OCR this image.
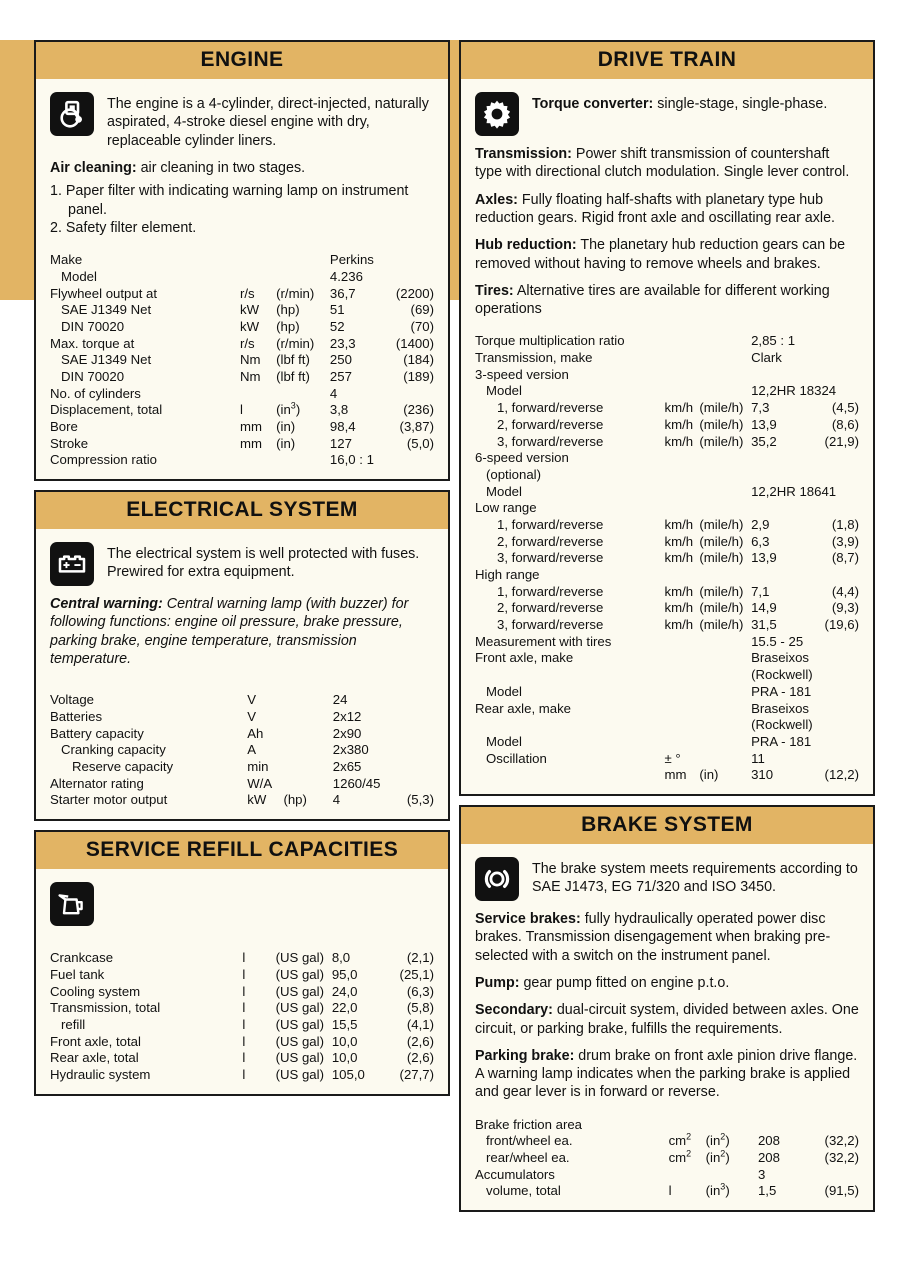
ENGINE
The engine is a 4-cylinder, direct-injected, naturally aspirated, 4-stroke diesel engine with dry, replaceable cylinder liners.

Air cleaning: air cleaning in two stages.

1. Paper filter with indicating warning lamp on instrument panel.
2. Safety filter element.
Make			Perkins	
Model			4.236	
Flywheel output at	r/s	(r/min)	36,7	(2200)
SAE J1349 Net	kW	(hp)	51	(69)
DIN 70020	kW	(hp)	52	(70)
Max. torque at	r/s	(r/min)	23,3	(1400)
SAE J1349 Net	Nm	(lbf ft)	250	(184)
DIN 70020	Nm	(lbf ft)	257	(189)
No. of cylinders			4	
Displacement, total	l	$(in^3)$	3,8	(236)
Bore	mm	(in)	98,4	(3,87)
Stroke	mm	(in)	127	(5,0)
Compression ratio			16,0 : 1	
ELECTRICAL SYSTEM
The electrical system is well protected with fuses. Prewired for extra equipment.

Central warning: Central warning lamp (with buzzer) for following functions: engine oil pressure, brake pressure, parking brake, engine temperature, transmission temperature.

Voltage	V		24	
Batteries	V		2x12	
Battery capacity	Ah		2x90	
Cranking capacity	A		2x380	
Reserve capacity	min		2x65	
Alternator rating	W/A		1260/45	
Starter motor output	kW	(hp)	4	(5,3)
SERVICE REFILL CAPACITIES
Crankcase	l	(US gal)	8,0	(2,1)
Fuel tank	l	(US gal)	95,0	(25,1)
Cooling system	l	(US gal)	24,0	(6,3)
Transmission, total	l	(US gal)	22,0	(5,8)
refill	l	(US gal)	15,5	(4,1)
Front axle, total	l	(US gal)	10,0	(2,6)
Rear axle, total	l	(US gal)	10,0	(2,6)
Hydraulic system	l	(US gal)	105,0	(27,7)
DRIVE TRAIN
Torque converter: single-stage, single-phase.

Transmission: Power shift transmission of countershaft type with directional clutch modulation. Single lever control.

Axles: Fully floating half-shafts with planetary type hub reduction gears. Rigid front axle and oscillating rear axle.

Hub reduction: The planetary hub reduction gears can be removed without having to remove wheels and brakes.

Tires: Alternative tires are available for different working operations

Torque multiplication ratio			2,85 : 1	
Transmission, make			Clark	
3-speed version				
Model			12,2HR 18324	
1, forward/reverse	km/h	(mile/h)	7,3	(4,5)
2, forward/reverse	km/h	(mile/h)	13,9	(8,6)
3, forward/reverse	km/h	(mile/h)	35,2	(21,9)
6-speed version				
(optional)				
Model			12,2HR 18641	
Low range				
1, forward/reverse	km/h	(mile/h)	2,9	(1,8)
2, forward/reverse	km/h	(mile/h)	6,3	(3,9)
3, forward/reverse	km/h	(mile/h)	13,9	(8,7)
High range				
1, forward/reverse	km/h	(mile/h)	7,1	(4,4)
2, forward/reverse	km/h	(mile/h)	14,9	(9,3)
3, forward/reverse	km/h	(mile/h)	31,5	(19,6)
Measurement with tires			15.5 - 25	
Front axle, make			Braseixos	
			(Rockwell)	
Model			PRA - 181	
Rear axle, make			Braseixos	
			(Rockwell)	
Model			PRA - 181	
Oscillation	± °		11	
	mm	(in)	310	(12,2)
BRAKE SYSTEM
The brake system meets requirements according to SAE J1473, EG 71/320 and ISO 3450.

Service brakes: fully hydraulically operated power disc brakes. Transmission disengagement when braking pre-selected with a switch on the instrument panel.

Pump: gear pump fitted on engine p.t.o.

Secondary: dual-circuit system, divided between axles. One circuit, or parking brake, fulfills the requirements.

Parking brake: drum brake on front axle pinion drive flange. A warning lamp indicates when the parking brake is applied and gear lever is in forward or reverse.

Brake friction area				
front/wheel ea.	$cm^2$	$(in^2)$	208	(32,2)
rear/wheel ea.	$cm^2$	$(in^2)$	208	(32,2)
Accumulators			3	
volume, total	l	$(in^3)$	1,5	(91,5)
